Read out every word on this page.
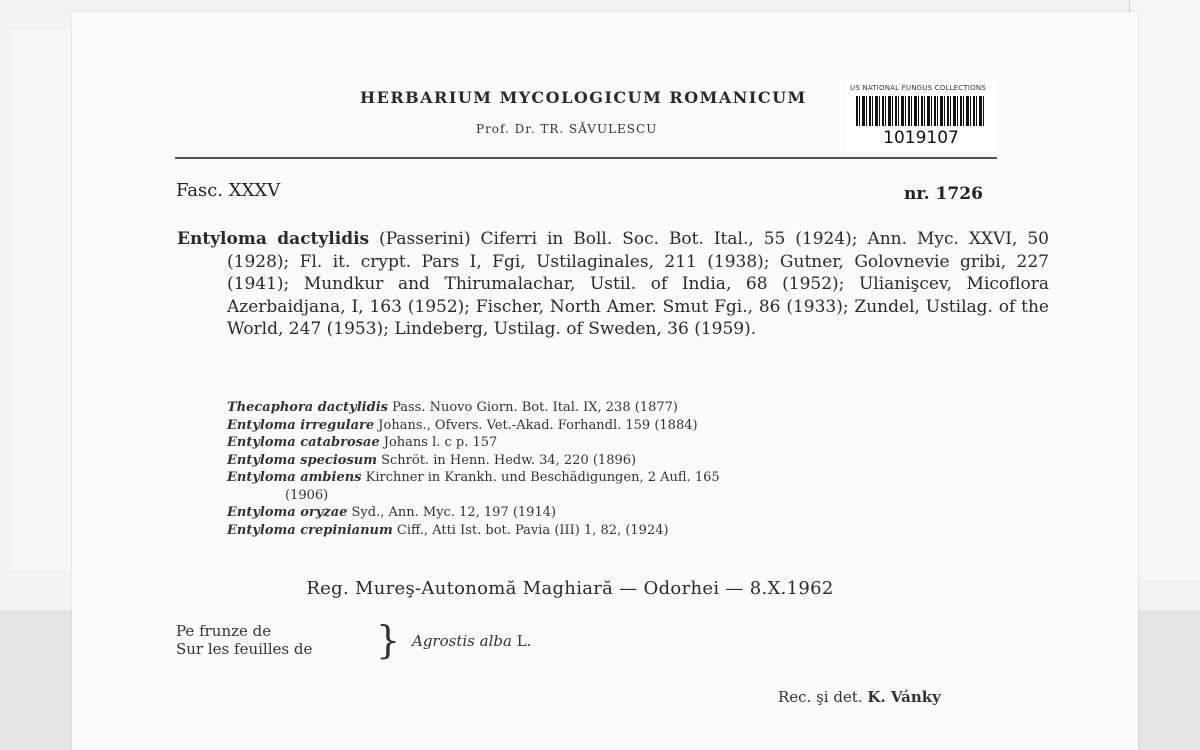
HERBARIUM MYCOLOGICUM ROMANICUM
Prof. Dr. TR. SĂVULESCU
US NATIONAL FUNGUS COLLECTIONS
1019107
Fasc. XXXV	nr. 1726
Entyloma dactylidis (Passerini) Ciferri in Boll. Soc. Bot. Ital., 55 (1924); Ann. Myc. XXVI, 50 (1928); Fl. it. crypt. Pars I, Fgi, Ustilaginales, 211 (1938); Gutner, Golovnevie gribi, 227 (1941); Mundkur and Thirumalachar, Ustil. of India, 68 (1952); Ulianişcev, Micoflora Azerbaidjana, I, 163 (1952); Fischer, North Amer. Smut Fgi., 86 (1933); Zundel, Ustilag. of the World, 247 (1953); Lindeberg, Ustilag. of Sweden, 36 (1959).
Thecaphora dactylidis Pass. Nuovo Giorn. Bot. Ital. IX, 238 (1877)
Entyloma irregulare Johans., Ofvers. Vet.-Akad. Forhandl. 159 (1884)
Entyloma catabrosae Johans l. c p. 157
Entyloma speciosum Schröt. in Henn. Hedw. 34, 220 (1896)
Entyloma ambiens Kirchner in Krankh. und Beschädigungen, 2 Aufl. 165
(1906)
Entyloma oryzae Syd., Ann. Myc. 12, 197 (1914)
Entyloma crepinianum Ciff., Atti Ist. bot. Pavia (III) 1, 82, (1924)
Reg. Mureş-Autonomă Maghiară — Odorhei — 8.X.1962
Pe frunze de
Sur les feuilles de } Agrostis alba L.
Rec. şi det. K. Vánky
